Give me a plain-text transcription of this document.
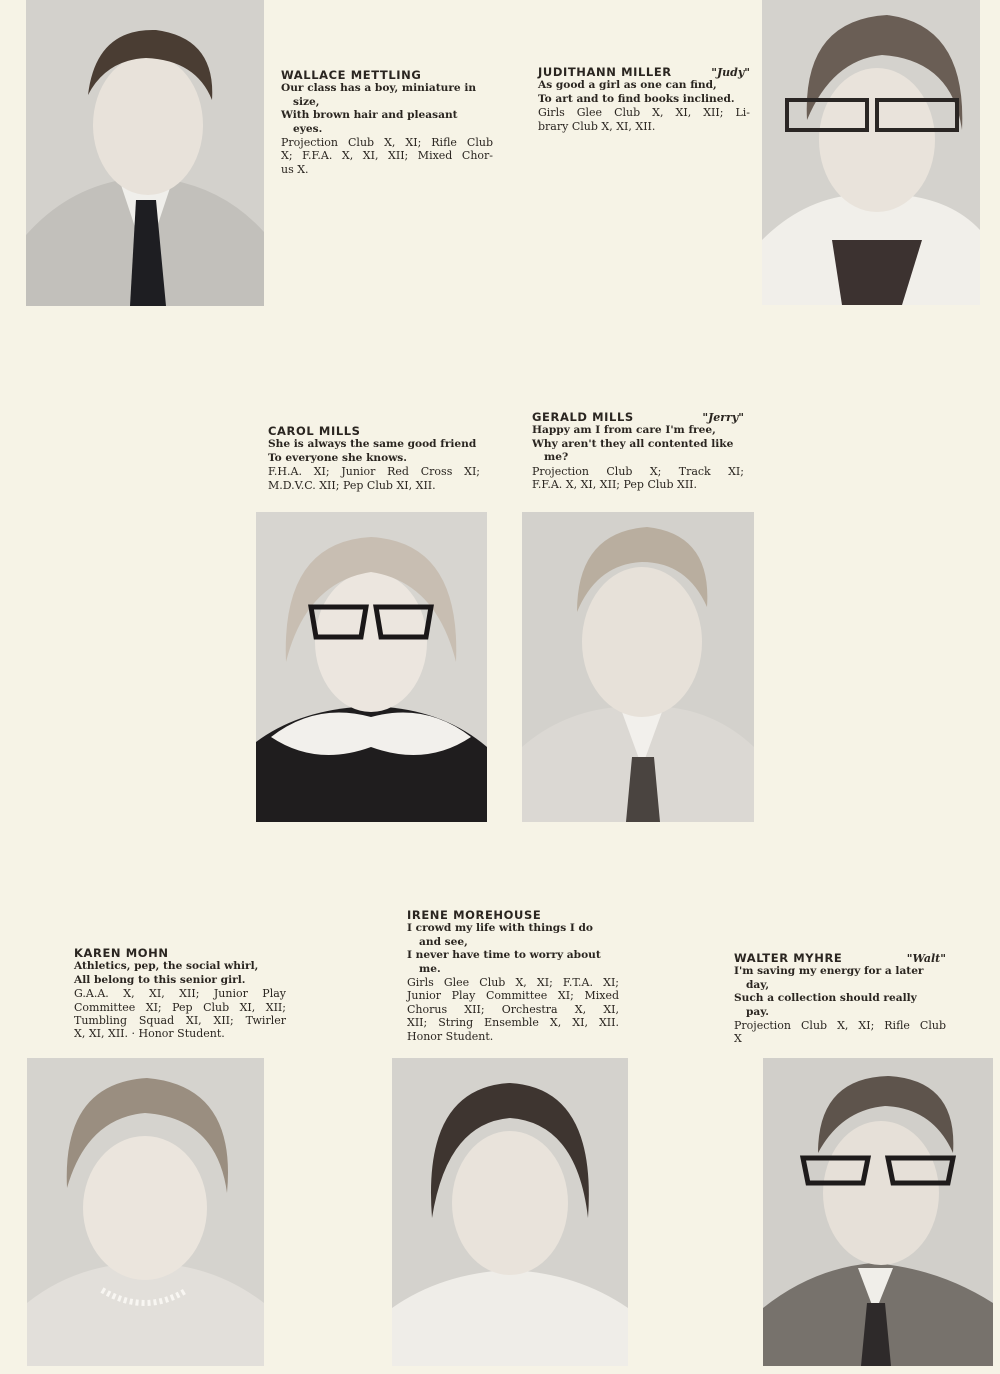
WALLACE METTLING
Our class has a boy, miniature in

size,
With brown hair and pleasant

eyes.
Projection Club X, XI; Rifle Club
X; F.F.A. X, XI, XII; Mixed Chor-
us X.
JUDITHANN MILLER	"Judy"
As good a girl as one can find,
To art and to find books inclined.
Girls Glee Club X, XI, XII; Li-
brary Club X, XI, XII.
CAROL MILLS
She is always the same good friend
To everyone she knows.
F.H.A. XI; Junior Red Cross XI;
M.D.V.C. XII; Pep Club XI, XII.
GERALD MILLS	"Jerry"
Happy am I from care I'm free,
Why aren't they all contented like

me?
Projection Club X; Track XI;
F.F.A. X, XI, XII; Pep Club XII.
KAREN MOHN
Athletics, pep, the social whirl,
All belong to this senior girl.
G.A.A. X, XI, XII; Junior Play
Committee XI; Pep Club XI, XII;
Tumbling Squad XI, XII; Twirler
X, XI, XII. · Honor Student.
IRENE MOREHOUSE
I crowd my life with things I do

and see,
I never have time to worry about

me.
Girls Glee Club X, XI; F.T.A. XI;
Junior Play Committee XI; Mixed
Chorus XII; Orchestra X, XI,
XII; String Ensemble X, XI, XII.
Honor Student.
WALTER MYHRE	"Walt"
I'm saving my energy for a later

day,
Such a collection should really

pay.
Projection Club X, XI; Rifle Club
X
